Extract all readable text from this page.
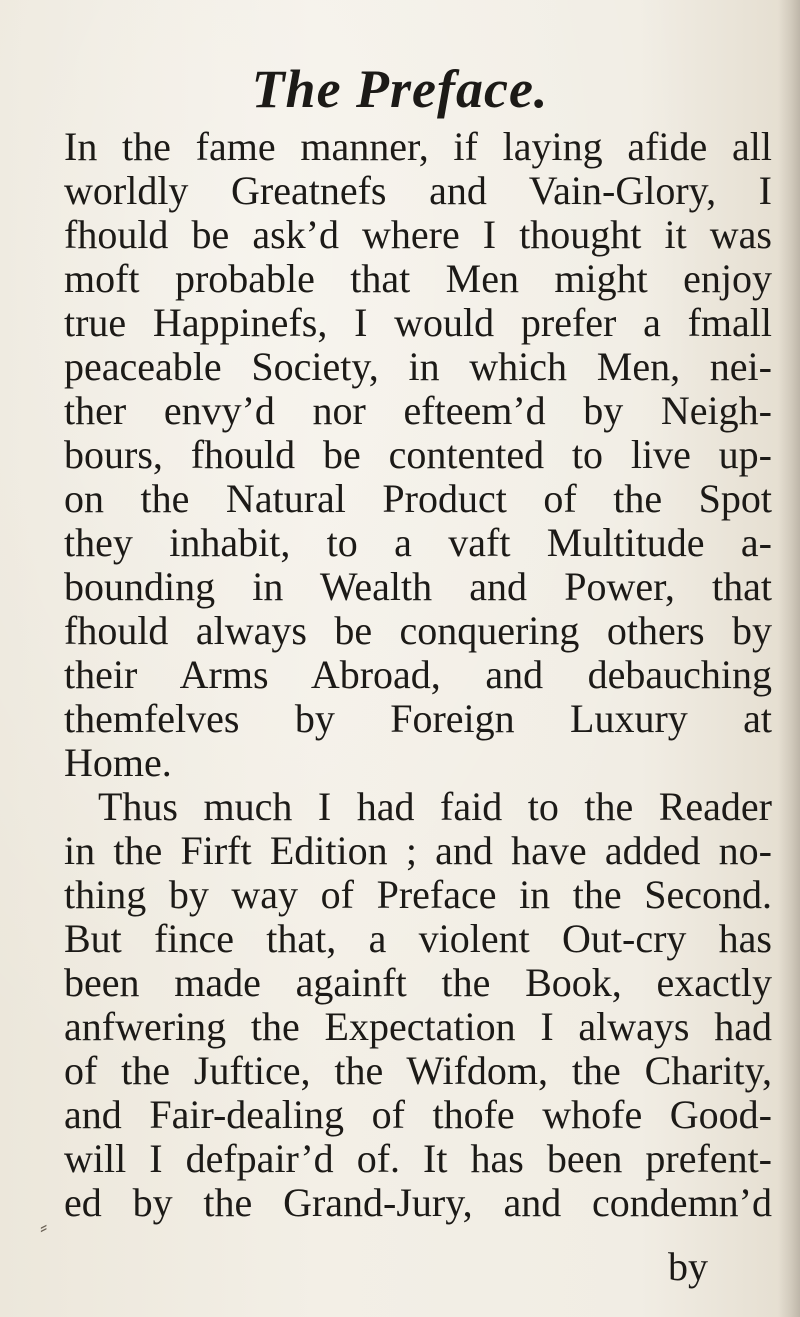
The Preface.
In the fame manner, if laying afide all
worldly Greatnefs and Vain-Glory, I
fhould be ask’d where I thought it was
moft probable that Men might enjoy
true Happinefs, I would prefer a fmall
peaceable Society, in which Men, nei-
ther envy’d nor efteem’d by Neigh-
bours, fhould be contented to live up-
on the Natural Product of the Spot
they inhabit, to a vaft Multitude a-
bounding in Wealth and Power, that
fhould always be conquering others by
their Arms Abroad, and debauching
themfelves by Foreign Luxury at
Home.
Thus much I had faid to the Reader
in the Firft Edition ; and have added no-
thing by way of Preface in the Second.
But fince that, a violent Out-cry has
been made againft the Book, exactly
anfwering the Expectation I always had
of the Juftice, the Wifdom, the Charity,
and Fair-dealing of thofe whofe Good-
will I defpair’d of. It has been prefent-
ed by the Grand-Jury, and condemn’d
⸗

by
